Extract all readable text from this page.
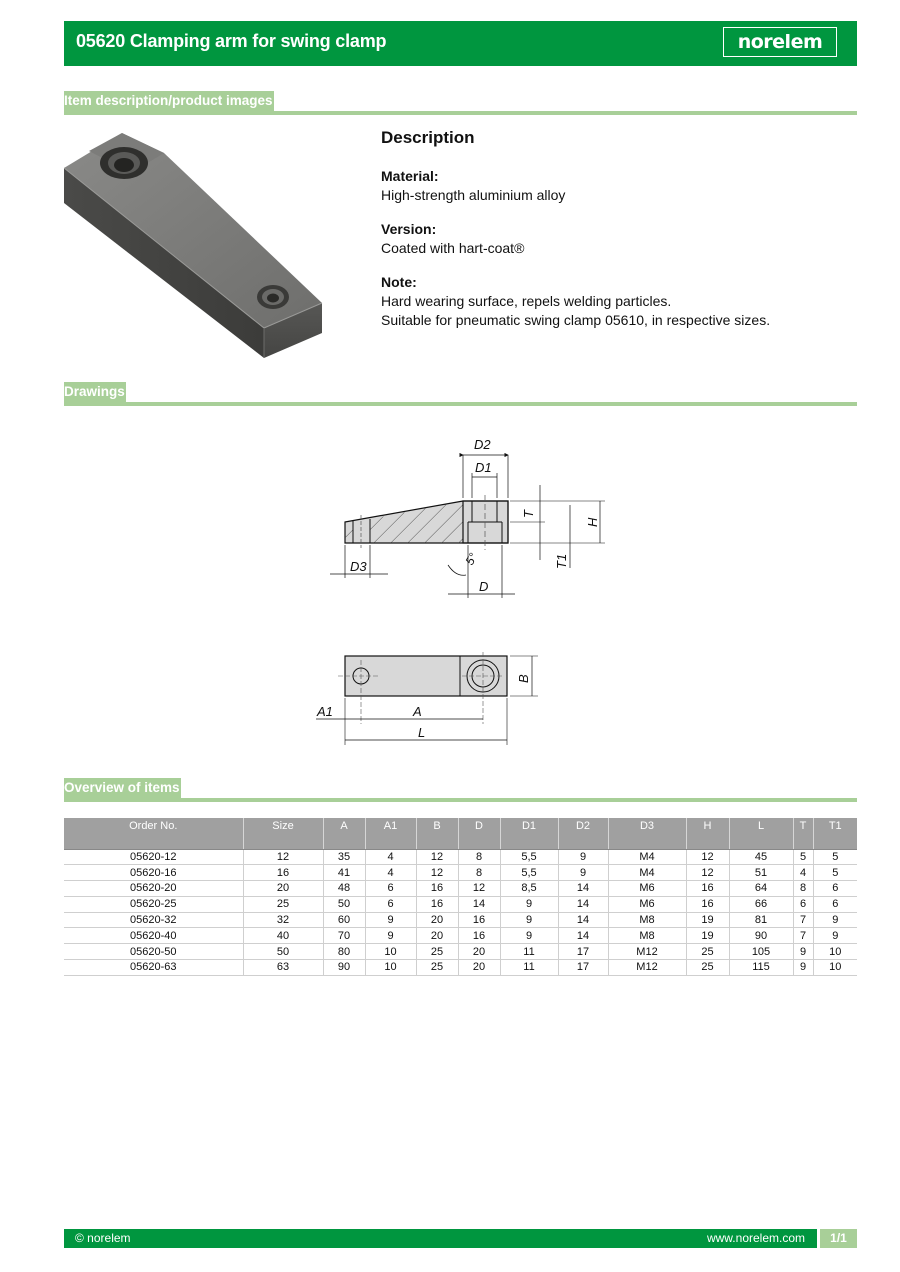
05620 Clamping arm for swing clamp	norelem
Item description/product images
Description
Material:
High-strength aluminium alloy
Version:
Coated with hart-coat®
Note:
Hard wearing surface, repels welding particles.
Suitable for pneumatic swing clamp 05610, in respective sizes.
Drawings
D2
D1
T
H
T1
D3
D
5°
B
A1	A
L
Overview of items
Order No.	Size	A	A1	B	D	D1	D2	D3	H	L	T	T1
05620-12	12	35	4	12	8	5,5	9	M4	12	45	5	5
05620-16	16	41	4	12	8	5,5	9	M4	12	51	4	5
05620-20	20	48	6	16	12	8,5	14	M6	16	64	8	6
05620-25	25	50	6	16	14	9	14	M6	16	66	6	6
05620-32	32	60	9	20	16	9	14	M8	19	81	7	9
05620-40	40	70	9	20	16	9	14	M8	19	90	7	9
05620-50	50	80	10	25	20	11	17	M12	25	105	9	10
05620-63	63	90	10	25	20	11	17	M12	25	115	9	10
© norelem	www.norelem.com	1/1
